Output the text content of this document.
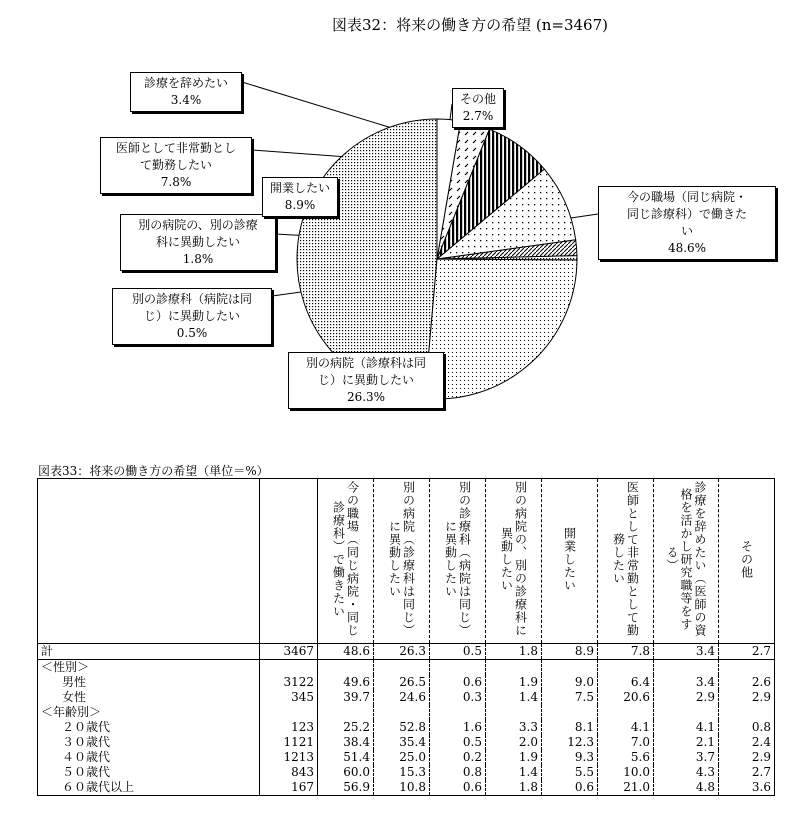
図表32：将来の働き方の希望 (n=3467)
今の職場（同じ病院・
同じ診療科）で働きた
い
48.6%
別の病院（診療科は同
じ）に異動したい
26.3%
別の診療科（病院は同
じ）に異動したい
0.5%
別の病院の、別の診療
科に異動したい
1.8%
開業したい
8.9%
医師として非常勤とし
て勤務したい
7.8%
診療を辞めたい
3.4%	その他
2.7%
図表33：将来の働き方の希望（単位＝%）

		今の職場（同じ病院・同じ診療科）で働きたい	別の病院（診療科は同じ）に異動したい	別の診療科（病院は同じ）に異動したい	別の病院の、別の診療科に異動したい	開業したい	医師として非常勤として勤務したい	診療を辞めたい（医師の資格を活かし研究職等をする）	その他

計	3467	48.6	26.3	0.5	1.8	8.9	7.8	3.4	2.7
＜性別＞									
男性	3122	49.6	26.5	0.6	1.9	9.0	6.4	3.4	2.6
女性	345	39.7	24.6	0.3	1.4	7.5	20.6	2.9	2.9
＜年齢別＞									
２０歳代	123	25.2	52.8	1.6	3.3	8.1	4.1	4.1	0.8
３０歳代	1121	38.4	35.4	0.5	2.0	12.3	7.0	2.1	2.4
４０歳代	1213	51.4	25.0	0.2	1.9	9.3	5.6	3.7	2.9
５０歳代	843	60.0	15.3	0.8	1.4	5.5	10.0	4.3	2.7
６０歳代以上	167	56.9	10.8	0.6	1.8	0.6	21.0	4.8	3.6
